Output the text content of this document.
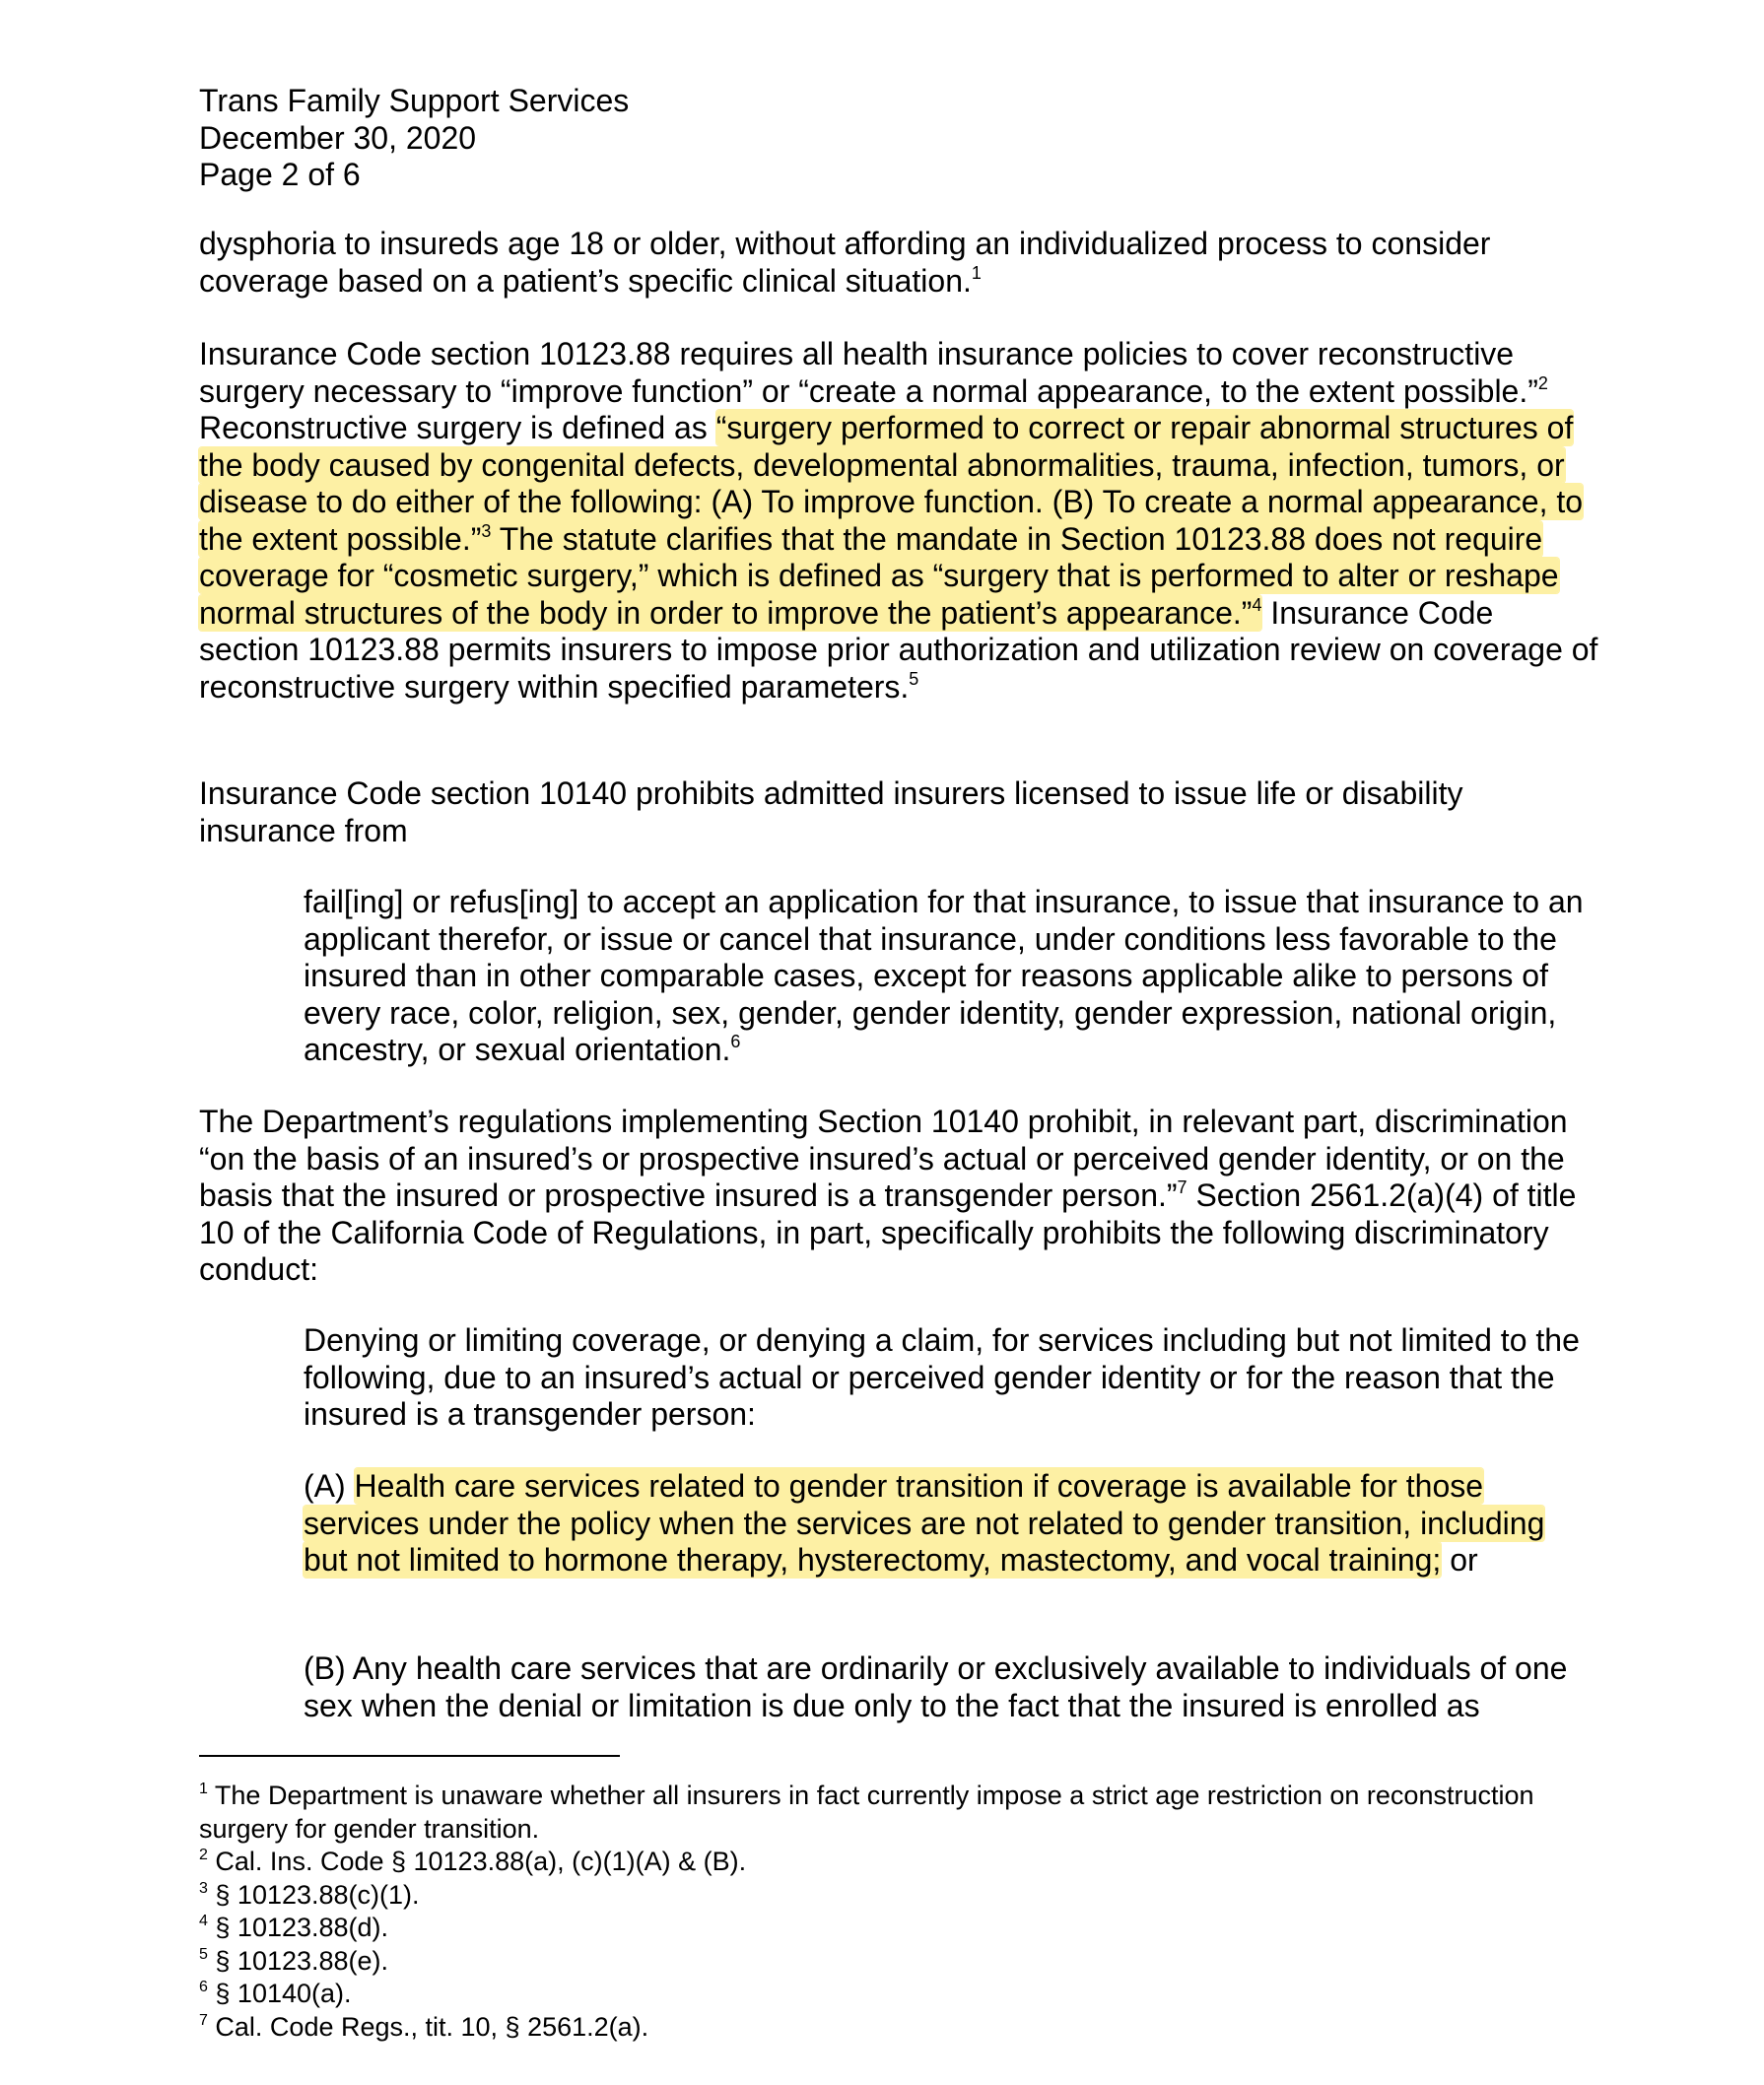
Trans Family Support Services
December 30, 2020
Page 2 of 6

dysphoria to insureds age 18 or older, without affording an individualized process to consider coverage based on a patient’s specific clinical situation.$^1$

Insurance Code section 10123.88 requires all health insurance policies to cover reconstructive surgery necessary to “improve function” or “create a normal appearance, to the extent possible.”$^2$ Reconstructive surgery is defined as “surgery performed to correct or repair abnormal structures of the body caused by congenital defects, developmental abnormalities, trauma, infection, tumors, or disease to do either of the following: (A) To improve function. (B) To create a normal appearance, to the extent possible.”$^3$ The statute clarifies that the mandate in Section 10123.88 does not require coverage for “cosmetic surgery,” which is defined as “surgery that is performed to alter or reshape normal structures of the body in order to improve the patient’s appearance.”$^4$ Insurance Code section 10123.88 permits insurers to impose prior authorization and utilization review on coverage of reconstructive surgery within specified parameters.$^5$

Insurance Code section 10140 prohibits admitted insurers licensed to issue life or disability insurance from

fail[ing] or refus[ing] to accept an application for that insurance, to issue that insurance to an applicant therefor, or issue or cancel that insurance, under conditions less favorable to the insured than in other comparable cases, except for reasons applicable alike to persons of every race, color, religion, sex, gender, gender identity, gender expression, national origin, ancestry, or sexual orientation.$^6$

The Department’s regulations implementing Section 10140 prohibit, in relevant part, discrimination “on the basis of an insured’s or prospective insured’s actual or perceived gender identity, or on the basis that the insured or prospective insured is a transgender person.”$^7$ Section 2561.2(a)(4) of title 10 of the California Code of Regulations, in part, specifically prohibits the following discriminatory conduct:

Denying or limiting coverage, or denying a claim, for services including but not limited to the following, due to an insured’s actual or perceived gender identity or for the reason that the insured is a transgender person:

(A) Health care services related to gender transition if coverage is available for those services under the policy when the services are not related to gender transition, including but not limited to hormone therapy, hysterectomy, mastectomy, and vocal training; or

(B) Any health care services that are ordinarily or exclusively available to individuals of one sex when the denial or limitation is due only to the fact that the insured is enrolled as

$^1$ The Department is unaware whether all insurers in fact currently impose a strict age restriction on reconstruction surgery for gender transition.

$^2$ Cal. Ins. Code § 10123.88(a), (c)(1)(A) & (B).

$^3$ § 10123.88(c)(1).

$^4$ § 10123.88(d).

$^5$ § 10123.88(e).

$^6$ § 10140(a).

$^7$ Cal. Code Regs., tit. 10, § 2561.2(a).
